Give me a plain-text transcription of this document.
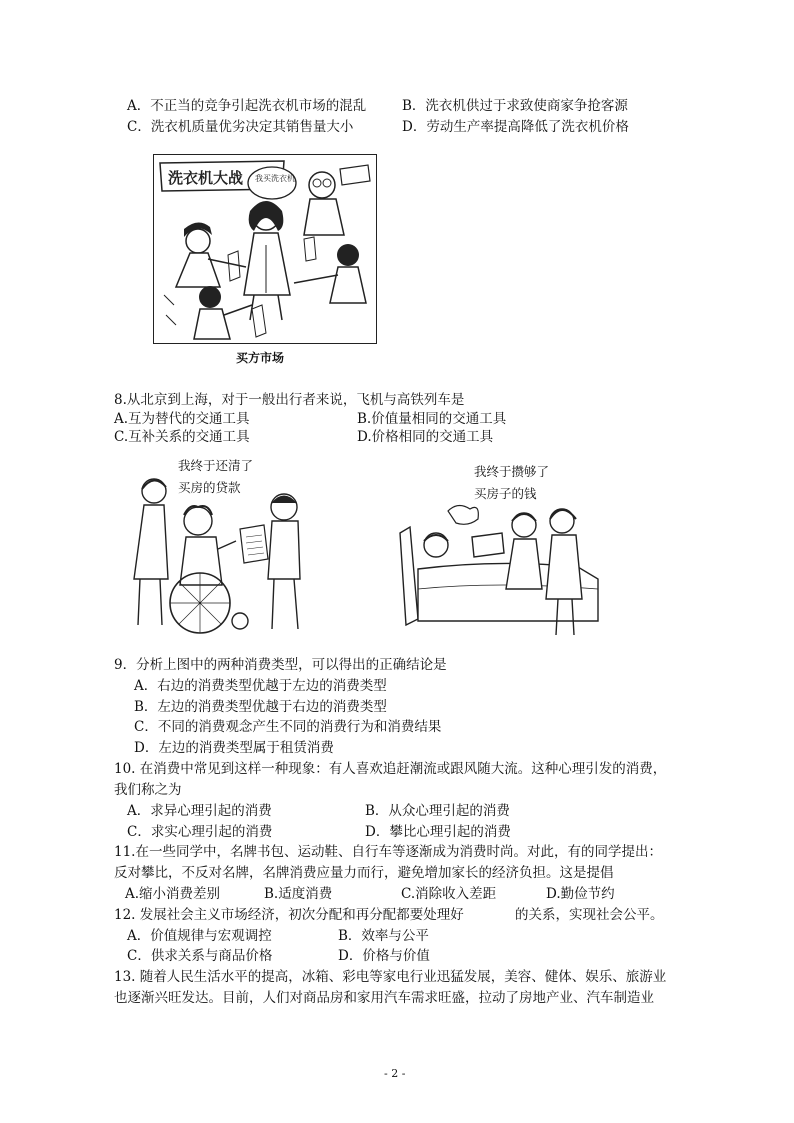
A．不正当的竞争引起洗衣机市场的混乱	B．洗衣机供过于求致使商家争抢客源
C．洗衣机质量优劣决定其销售量大小	D．劳动生产率提高降低了洗衣机价格
洗衣机大战 我买洗衣机
买方市场
8.从北京到上海，对于一般出行者来说，飞机与高铁列车是
A.互为替代的交通工具	B.价值量相同的交通工具
C.互补关系的交通工具	D.价格相同的交通工具
我终于还清了
买房的贷款
我终于攒够了
买房子的钱
9．分析上图中的两种消费类型，可以得出的正确结论是
A．右边的消费类型优越于左边的消费类型
B．左边的消费类型优越于右边的消费类型
C．不同的消费观念产生不同的消费行为和消费结果
D．左边的消费类型属于租赁消费
10. 在消费中常见到这样一种现象：有人喜欢追赶潮流或跟风随大流。这种心理引发的消费，
我们称之为
A．求异心理引起的消费	B．从众心理引起的消费
C．求实心理引起的消费	D．攀比心理引起的消费
11.在一些同学中，名牌书包、运动鞋、自行车等逐渐成为消费时尚。对此，有的同学提出：
反对攀比，不反对名牌，名牌消费应量力而行，避免增加家长的经济负担。这是提倡
A.缩小消费差别	B.适度消费	C.消除收入差距	D.勤俭节约
12. 发展社会主义市场经济，初次分配和再分配都要处理好	的关系，实现社会公平。
A．价值规律与宏观调控	B．效率与公平
C．供求关系与商品价格	D．价格与价值
13. 随着人民生活水平的提高，冰箱、彩电等家电行业迅猛发展，美容、健体、娱乐、旅游业
也逐渐兴旺发达。目前，人们对商品房和家用汽车需求旺盛，拉动了房地产业、汽车制造业
- 2 -
